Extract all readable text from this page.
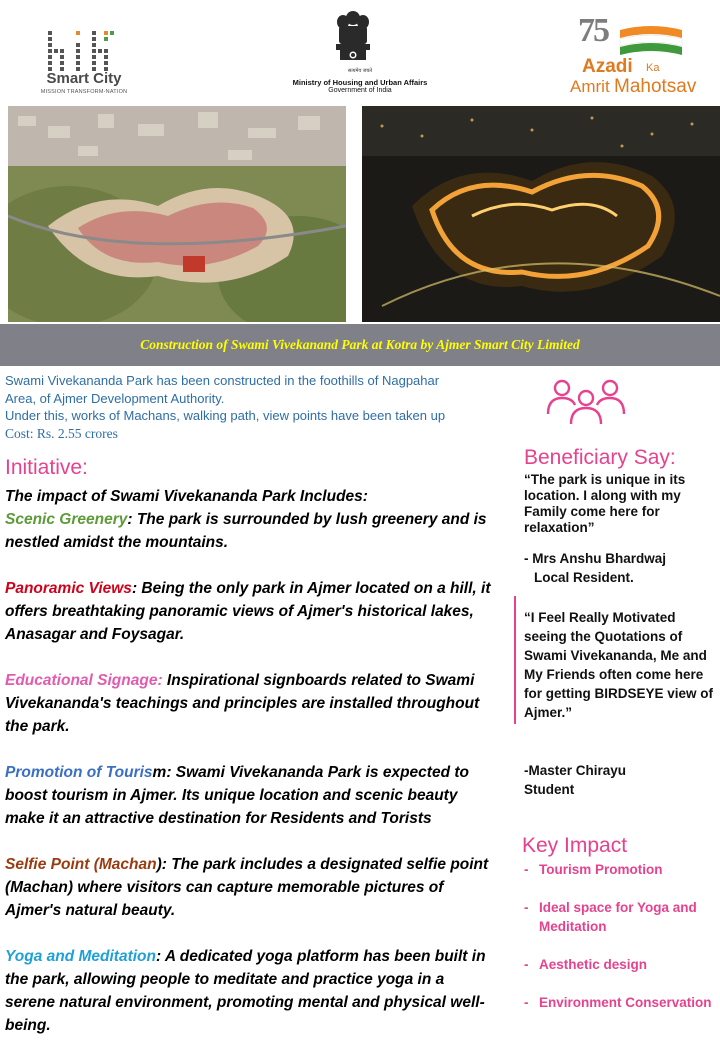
Smart City
MISSION TRANSFORM-NATION
सत्यमेव जयते
Ministry of Housing and Urban Affairs
Government of India
75
Azadi Ka
Amrit Mahotsav
Construction of Swami Vivekanand Park at Kotra by Ajmer Smart City Limited
Swami Vivekananda Park has been constructed in the foothills of Nagpahar
Area, of Ajmer Development Authority.
Under this, works of Machans, walking path, view points have been taken up
Cost: Rs. 2.55 crores
Initiative:

The impact of Swami Vivekananda Park Includes:

Scenic Greenery: The park is surrounded by lush greenery and is nestled amidst the mountains.

Panoramic Views: Being the only park in Ajmer located on a hill, it offers breathtaking panoramic views of Ajmer's historical lakes, Anasagar and Foysagar.

Educational Signage: Inspirational signboards related to Swami Vivekananda's teachings and principles are installed throughout the park.

Promotion of Tourism: Swami Vivekananda Park is expected to boost tourism in Ajmer. Its unique location and scenic beauty make it an attractive destination for Residents and Torists

Selfie Point (Machan): The park includes a designated selfie point (Machan) where visitors can capture memorable pictures of Ajmer's natural beauty.

Yoga and Meditation: A dedicated yoga platform has been built in the park, allowing people to meditate and practice yoga in a serene natural environment, promoting mental and physical well-being.

Beneficiary Say:
“The park is unique in its location. I along with my Family come here for relaxation”
- Mrs Anshu Bhardwaj
Local Resident.
“I Feel Really Motivated seeing the Quotations of Swami Vivekananda, Me and My Friends often come here for getting BIRDSEYE view of Ajmer.”
-Master Chirayu
Student
Key Impact
- Tourism Promotion
- Ideal space for Yoga and Meditation
- Aesthetic design
- Environment Conservation
